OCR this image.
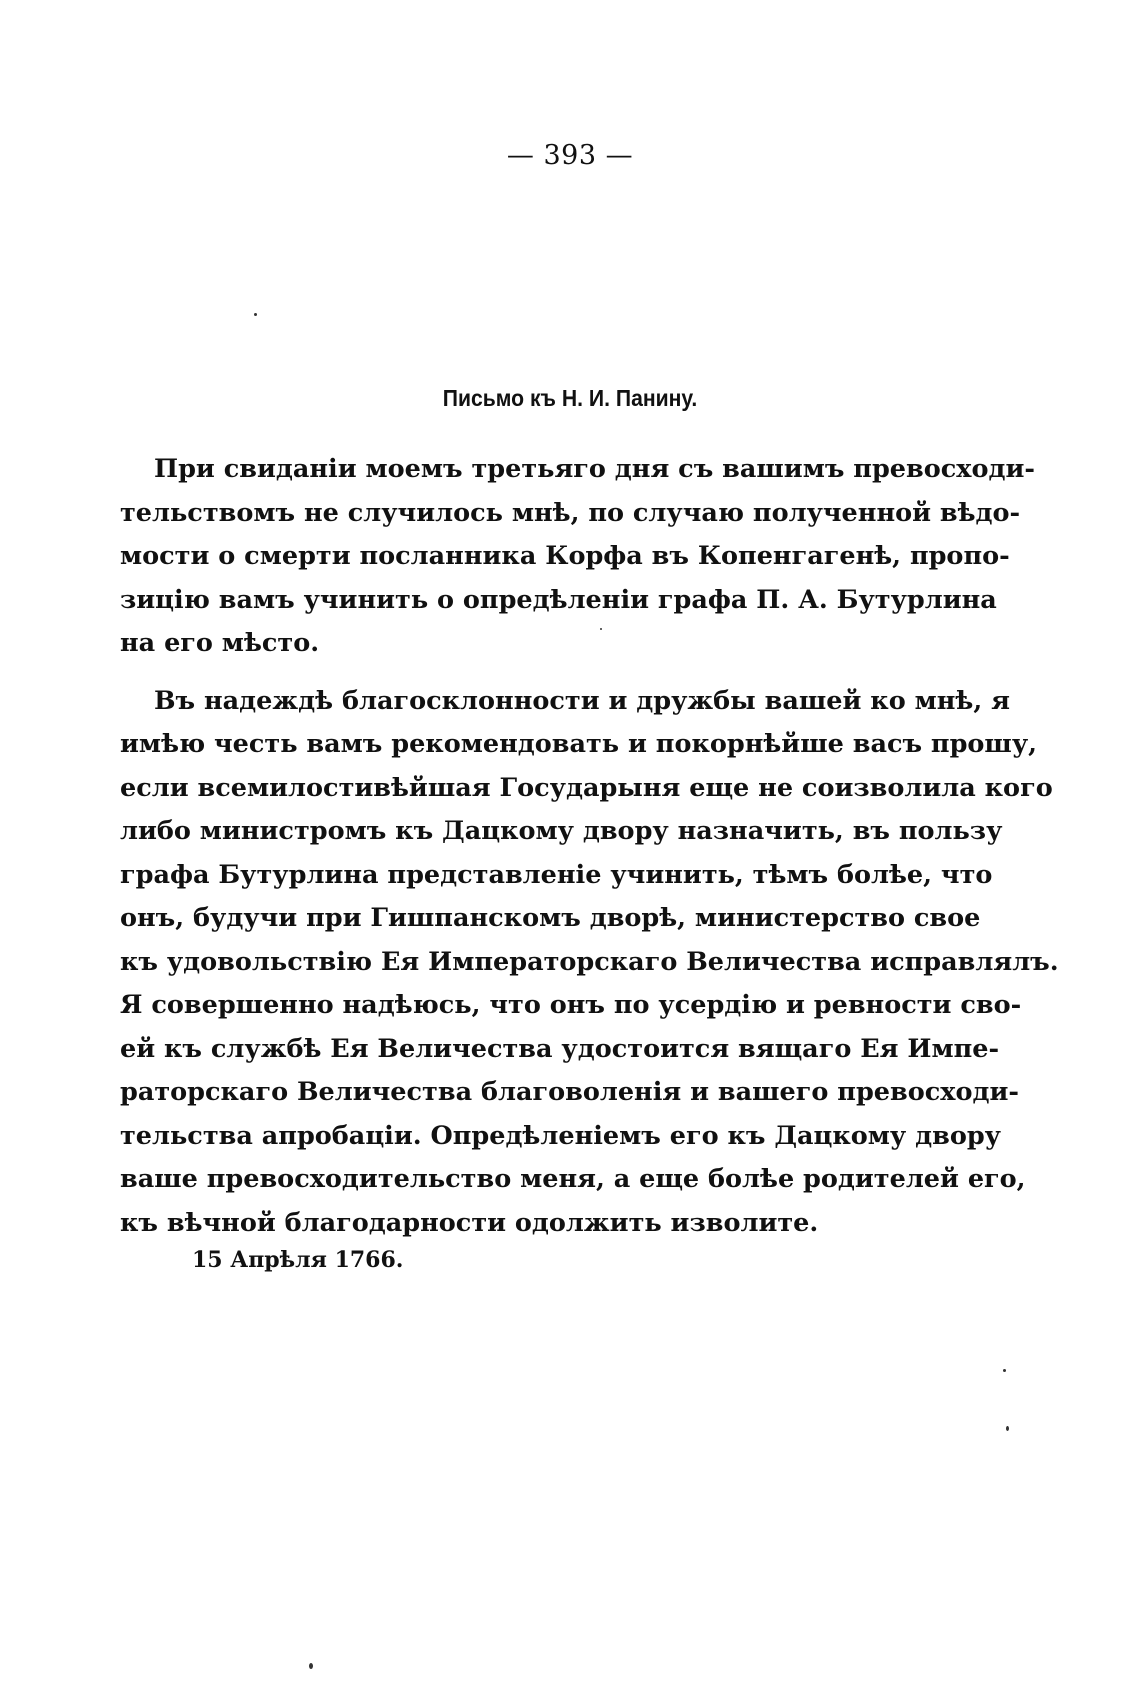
— 393 —
Письмо къ Н. И. Панину.
При свиданіи моемъ третьяго дня съ вашимъ превосходи-
тельствомъ не случилось мнѣ, по случаю полученной вѣдо-
мости о смерти посланника Корфа въ Копенгагенѣ, пропо-
зицію вамъ учинить о опредѣленіи графа П. А. Бутурлина
на его мѣсто.
Въ надеждѣ благосклонности и дружбы вашей ко мнѣ, я
имѣю честь вамъ рекомендовать и покорнѣйше васъ прошу,
если всемилостивѣйшая Государыня еще не соизволила кого
либо министромъ къ Дацкому двору назначить, въ пользу
графа Бутурлина представленіе учинить, тѣмъ болѣе, что
онъ, будучи при Гишпанскомъ дворѣ, министерство свое
къ удовольствію Ея Императорскаго Величества исправлялъ.
Я совершенно надѣюсь, что онъ по усердію и ревности сво-
ей къ службѣ Ея Величества удостоится вящаго Ея Импе-
раторскаго Величества благоволенія и вашего превосходи-
тельства апробаціи. Опредѣленіемъ его къ Дацкому двору
ваше превосходительство меня, а еще болѣе родителей его,
къ вѣчной благодарности одолжить изволите.
15 Апрѣля 1766.
